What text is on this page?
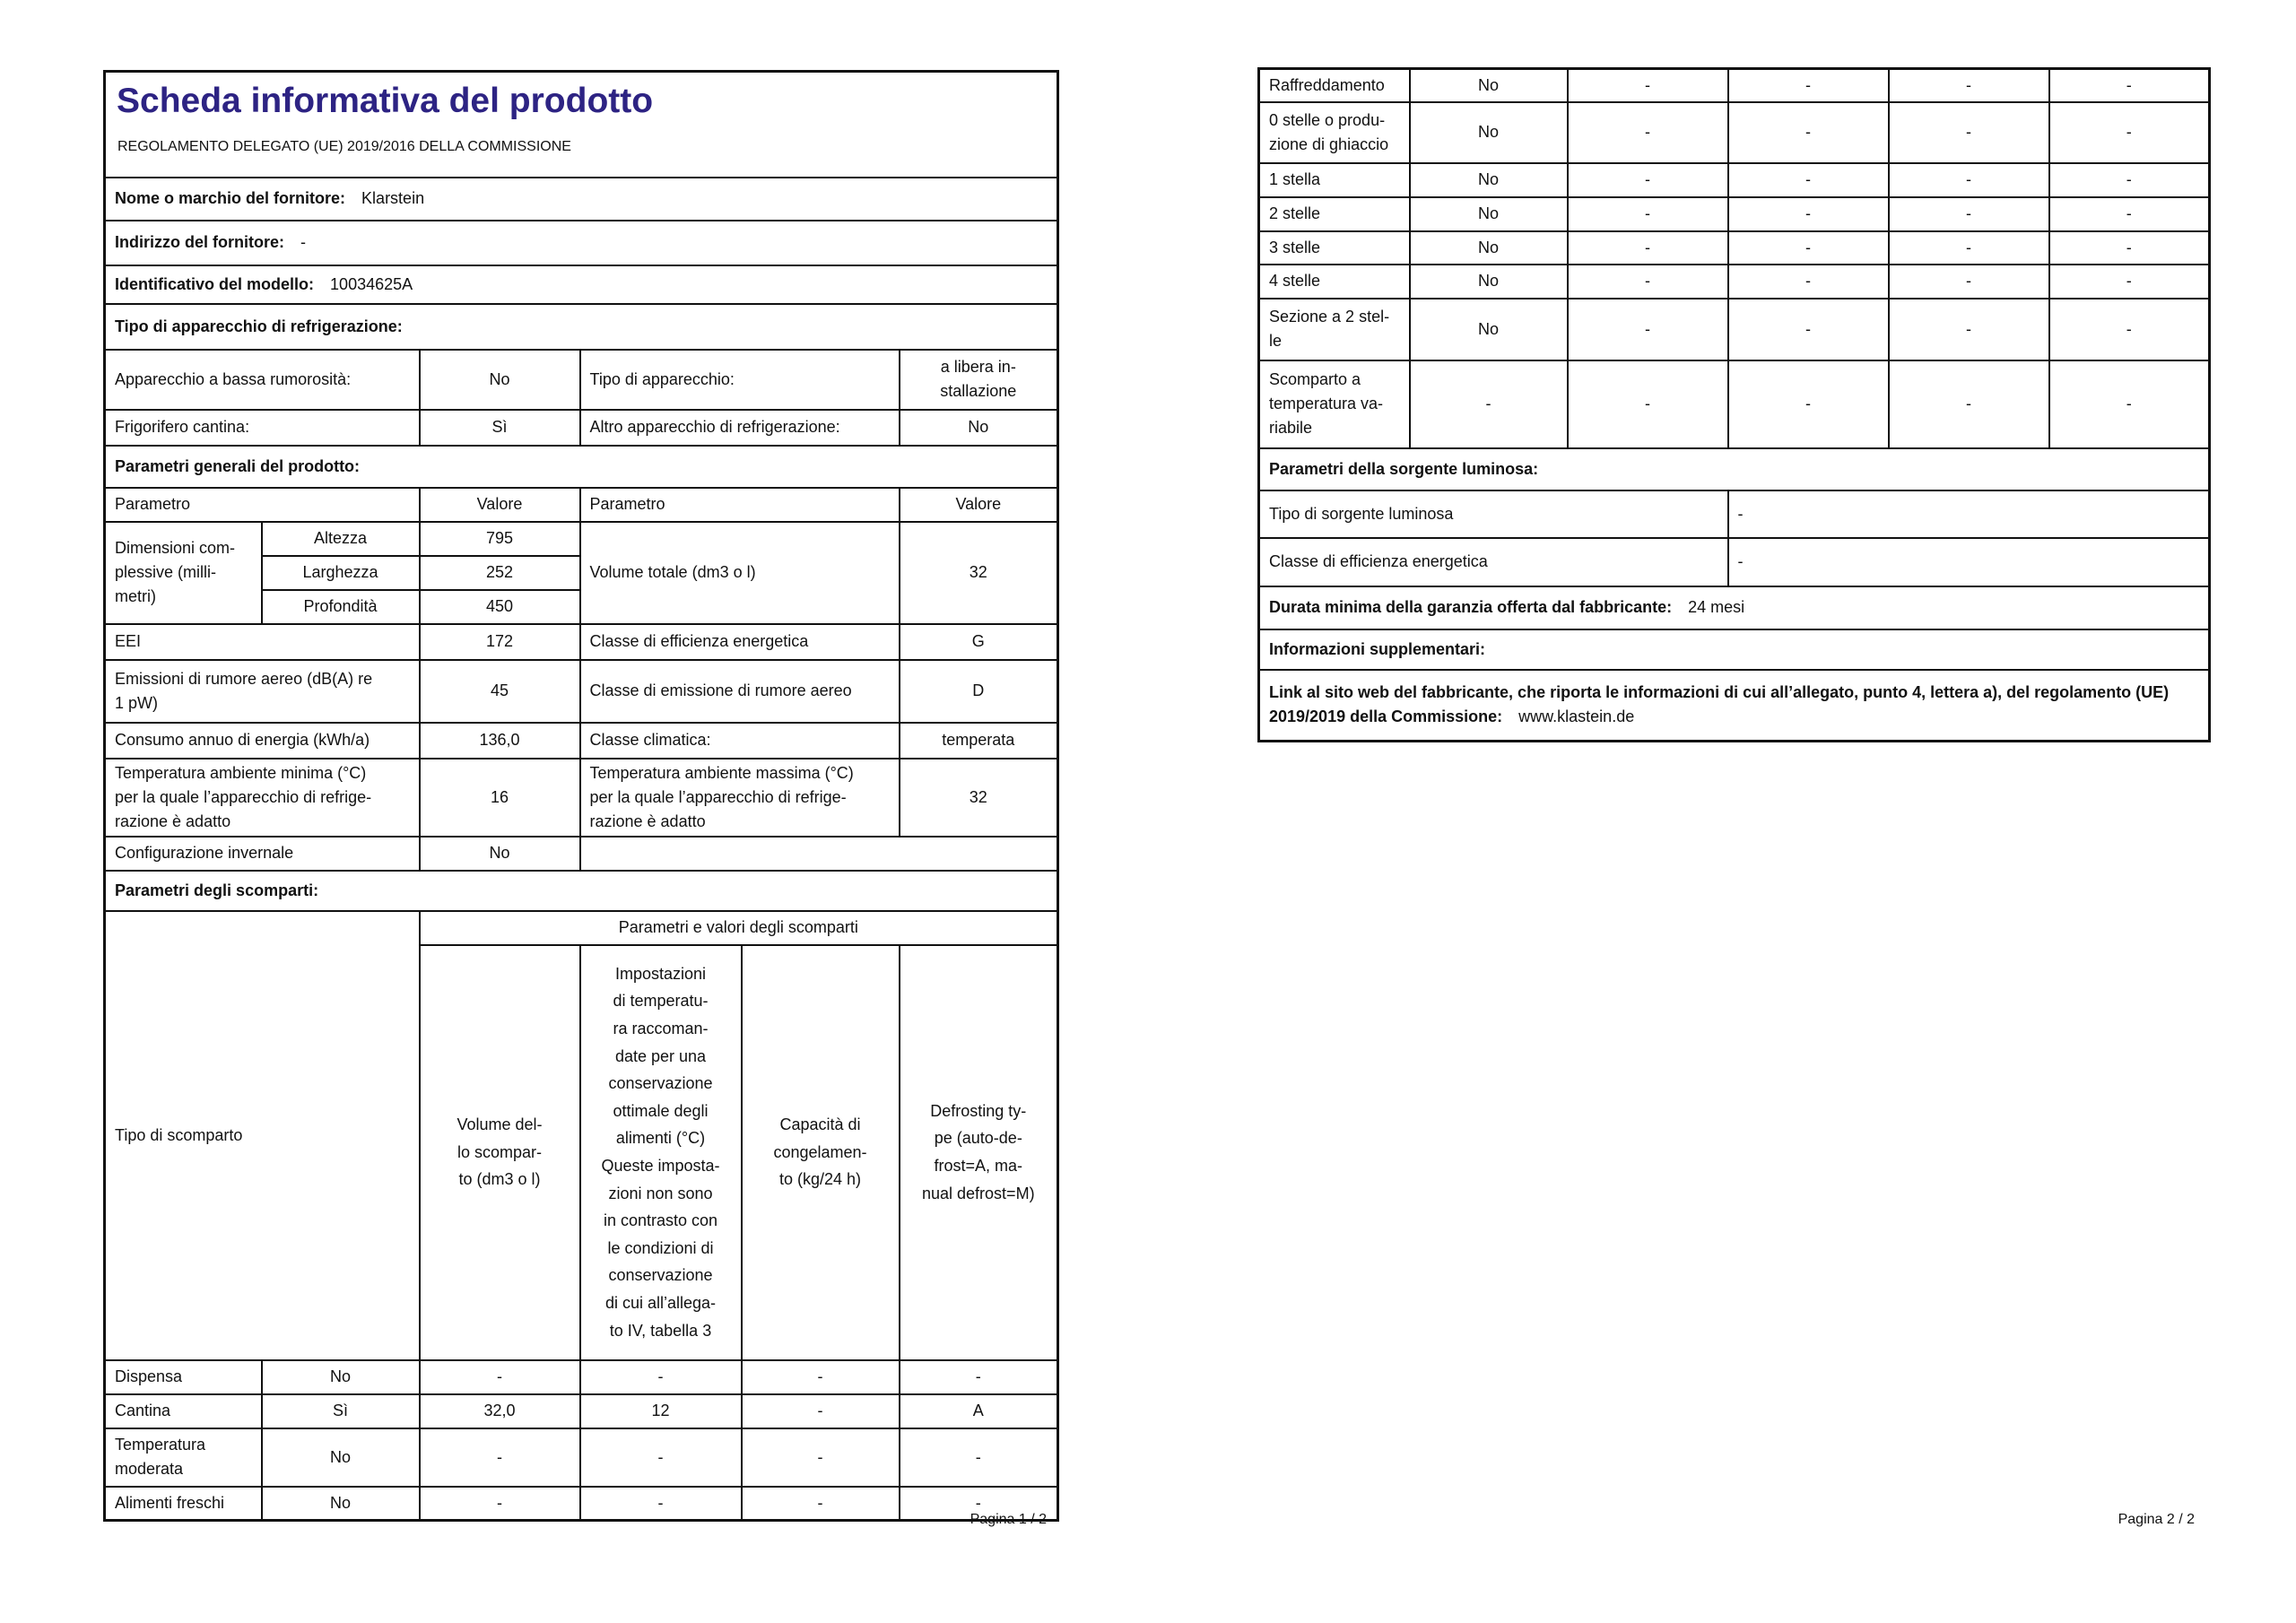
Scheda informativa del prodotto

REGOLAMENTO DELEGATO (UE) 2019/2016 DELLA COMMISSIONE

Nome o marchio del fornitore: Klarstein					
Indirizzo del fornitore: -					
Identificativo del modello: 10034625A					
Tipo di apparecchio di refrigerazione:					
Apparecchio a bassa rumorosità:		No	Tipo di apparecchio:		a libera in-
stallazione
Frigorifero cantina:		Sì	Altro apparecchio di refrigerazione:		No
Parametri generali del prodotto:					
Parametro		Valore	Parametro		Valore
Dimensioni com-
plessive (milli-
metri)	Altezza	795	Volume totale (dm3 o l)		32
	Larghezza	252			
	Profondità	450			
EEI		172	Classe di efficienza energetica		G
Emissioni di rumore aereo (dB(A) re
1 pW)		45	Classe di emissione di rumore aereo		D
Consumo annuo di energia (kWh/a)		136,0	Classe climatica:		temperata
Temperatura ambiente minima (°C)
per la quale l’apparecchio di refrige-
razione è adatto		16	Temperatura ambiente massima (°C)
per la quale l’apparecchio di refrige-
razione è adatto		32
Configurazione invernale		No			
Parametri degli scomparti:					
Tipo di scomparto		Parametri e valori degli scomparti			
Volume del-
lo scompar-
to (dm3 o l)	Impostazioni
di temperatu-
ra raccoman-
date per una
conservazione
ottimale degli
alimenti (°C)
Queste imposta-
zioni non sono
in contrasto con
le condizioni di
conservazione
di cui all’allega-
to IV, tabella 3	Capacità di
congelamen-
to (kg/24 h)	Defrosting ty-
pe (auto-de-
frost=A, ma-
nual defrost=M)
Dispensa	No	-	-	-	-
Cantina	Sì	32,0	12	-	A
Temperatura
moderata	No	-	-	-	-
Alimenti freschi	No	-	-	-	-
Pagina 1 / 2
Raffreddamento	No	-	-	-	-
0 stelle o produ-
zione di ghiaccio	No	-	-	-	-
1 stella	No	-	-	-	-
2 stelle	No	-	-	-	-
3 stelle	No	-	-	-	-
4 stelle	No	-	-	-	-
Sezione a 2 stel-
le	No	-	-	-	-
Scomparto a
temperatura va-
riabile	-	-	-	-	-
Parametri della sorgente luminosa:					
Tipo di sorgente luminosa			-		
Classe di efficienza energetica			-		
Durata minima della garanzia offerta dal fabbricante: 24 mesi					
Informazioni supplementari:					
Link al sito web del fabbricante, che riporta le informazioni di cui all’allegato, punto 4, lettera a), del regolamento (UE) 2019/2019 della Commissione: www.klastein.de					
Pagina 2 / 2
